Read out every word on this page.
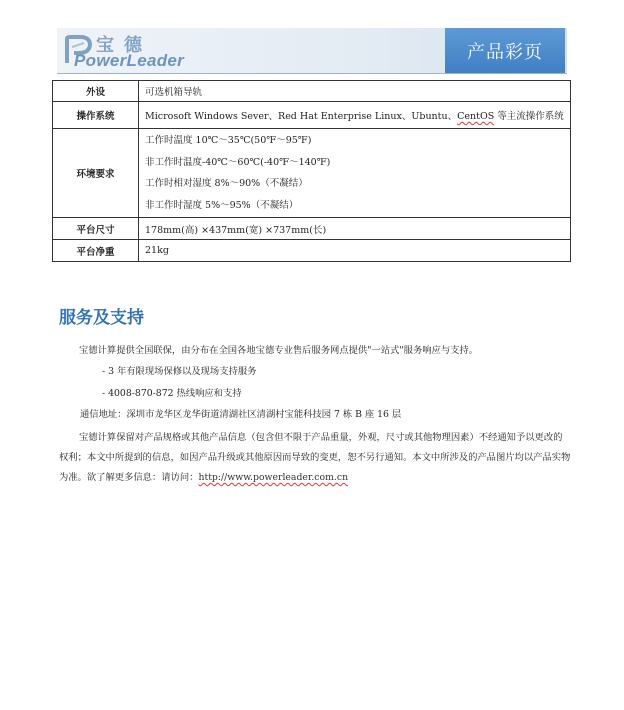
宝德
PowerLeader	产品彩页
外设	可选机箱导轨
操作系统	Microsoft Windows Sever、Red Hat Enterprise Linux、Ubuntu、CentOS 等主流操作系统
环境要求	工作时温度 10℃～35℃(50℉～95℉)
非工作时温度-40℃～60℃(-40℉～140℉)
工作时相对湿度 8%～90%（不凝结）
非工作时湿度 5%～95%（不凝结）

平台尺寸	178mm(高) ×437mm(宽) ×737mm(长)
平台净重	21kg
服务及支持

宝德计算提供全国联保，由分布在全国各地宝德专业售后服务网点提供"一站式"服务响应与支持。

- 3 年有限现场保修以及现场支持服务

- 4008-870-872 热线响应和支持

通信地址：深圳市龙华区龙华街道清湖社区清湖村宝能科技园 7 栋 B 座 16 层

宝德计算保留对产品规格或其他产品信息（包含但不限于产品重量，外观，尺寸或其他物理因素）不经通知予以更改的权利；本文中所提到的信息，如因产品升级或其他原因而导致的变更，恕不另行通知。本文中所涉及的产品图片均以产品实物为准。欲了解更多信息：请访问：http://www.powerleader.com.cn
